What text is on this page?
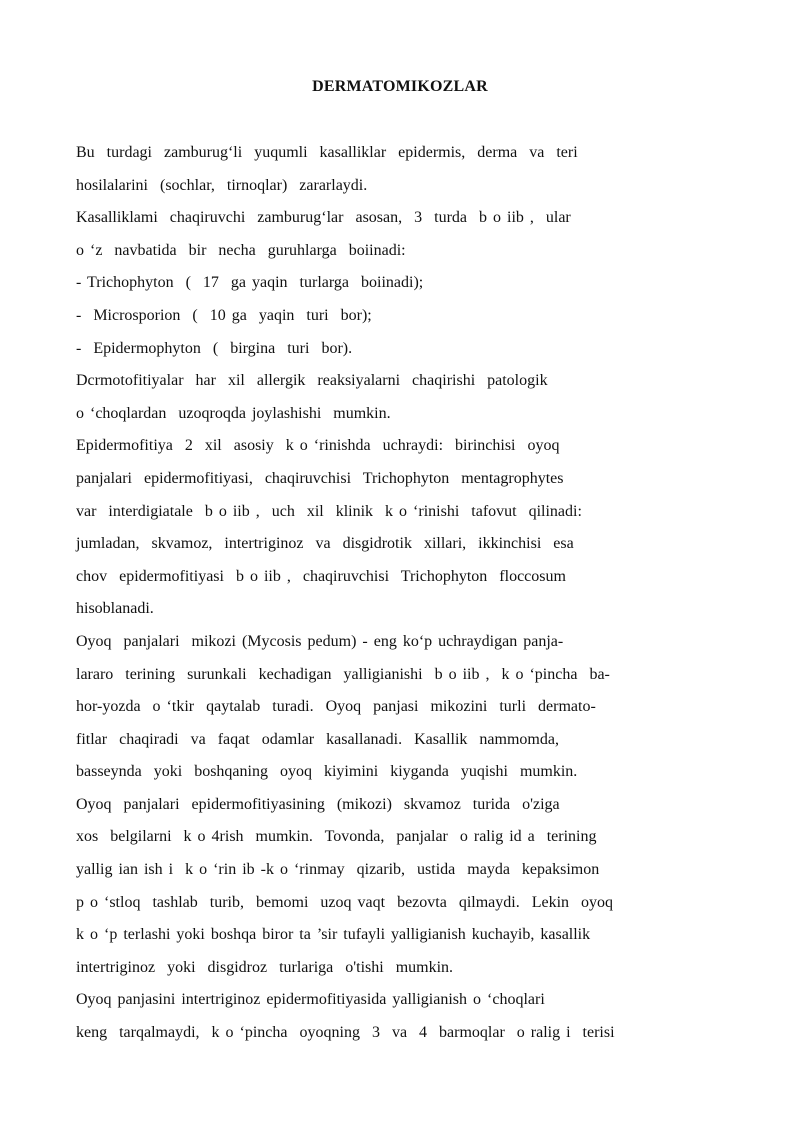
DERMATOMIKOZLAR
Bu  turdagi  zamburug‘li  yuqumli  kasalliklar  epidermis,  derma  va  teri
hosilalarini  (sochlar,  tirnoqlar)  zararlaydi.
Kasalliklami  chaqiruvchi  zamburug‘lar  asosan,  3  turda  b o iib ,  ular
o ‘z  navbatida  bir  necha  guruhlarga  boiinadi:
- Trichophyton  (  17  ga yaqin  turlarga  boiinadi);
-  Microsporion  (  10 ga  yaqin  turi  bor);
-  Epidermophyton  (  birgina  turi  bor).
Dcrmotofitiyalar  har  xil  allergik  reaksiyalarni  chaqirishi  patologik
o ‘choqlardan  uzoqroqda joylashishi  mumkin.
Epidermofitiya  2  xil  asosiy  k o ‘rinishda  uchraydi:  birinchisi  oyoq
panjalari  epidermofitiyasi,  chaqiruvchisi  Trichophyton  mentagrophytes
var  interdigiatale  b o iib ,  uch  xil  klinik  k o ‘rinishi  tafovut  qilinadi:
jumladan,  skvamoz,  intertriginoz  va  disgidrotik  xillari,  ikkinchisi  esa
chov  epidermofitiyasi  b o iib ,  chaqiruvchisi  Trichophyton  floccosum
hisoblanadi.
Oyoq  panjalari  mikozi (Mycosis pedum) - eng ko‘p uchraydigan panja-
lararo  terining  surunkali  kechadigan  yalligianishi  b o iib ,  k o ‘pincha  ba-
hor-yozda  o ‘tkir  qaytalab  turadi.  Oyoq  panjasi  mikozini  turli  dermato-
fitlar  chaqiradi  va  faqat  odamlar  kasallanadi.  Kasallik  nammomda,
basseynda  yoki  boshqaning  oyoq  kiyimini  kiyganda  yuqishi  mumkin.
Oyoq  panjalari  epidermofitiyasining  (mikozi)  skvamoz  turida  o'ziga
xos  belgilarni  k o 4rish  mumkin.  Tovonda,  panjalar  o ralig id a  terining
yallig ian ish i  k o ‘rin ib -k o ‘rinmay  qizarib,  ustida  mayda  kepaksimon
p o ‘stloq  tashlab  turib,  bemomi  uzoq vaqt  bezovta  qilmaydi.  Lekin  oyoq
k o ‘p terlashi yoki boshqa biror ta ’sir tufayli yalligianish kuchayib, kasallik
intertriginoz  yoki  disgidroz  turlariga  o'tishi  mumkin.
Oyoq panjasini intertriginoz epidermofitiyasida yalligianish o ‘choqlari
keng  tarqalmaydi,  k o ‘pincha  oyoqning  3  va  4  barmoqlar  o ralig i  terisi
